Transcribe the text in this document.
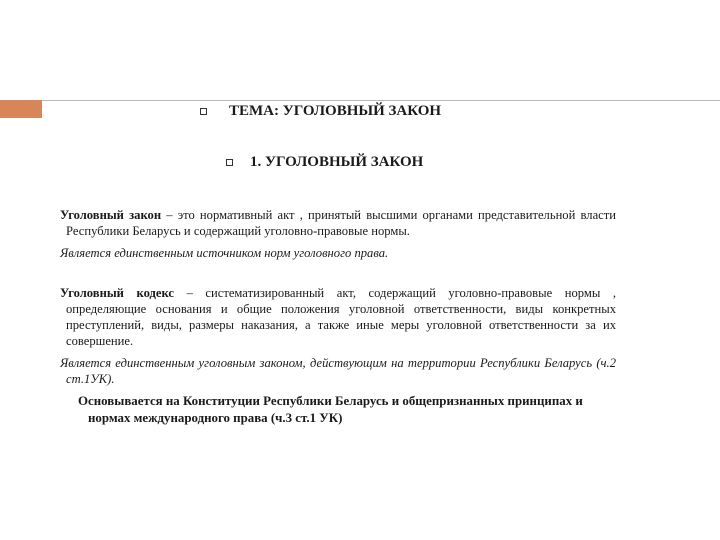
ТЕМА: УГОЛОВНЫЙ ЗАКОН
1. УГОЛОВНЫЙ ЗАКОН

Уголовный закон – это нормативный акт , принятый высшими органами представительной власти Республики Беларусь и содержащий уголовно-правовые нормы.

Является единственным источником норм уголовного права.

Уголовный кодекс – систематизированный акт, содержащий уголовно-правовые нормы , определяющие основания и общие положения уголовной ответственности, виды конкретных преступлений, виды, размеры наказания, а также иные меры уголовной ответственности за их совершение.

Является единственным уголовным законом, действующим на территории Республики Беларусь (ч.2 ст.1УК).

Основывается на Конституции Республики Беларусь и общепризнанных принципах и нормах международного права (ч.3 ст.1 УК)
